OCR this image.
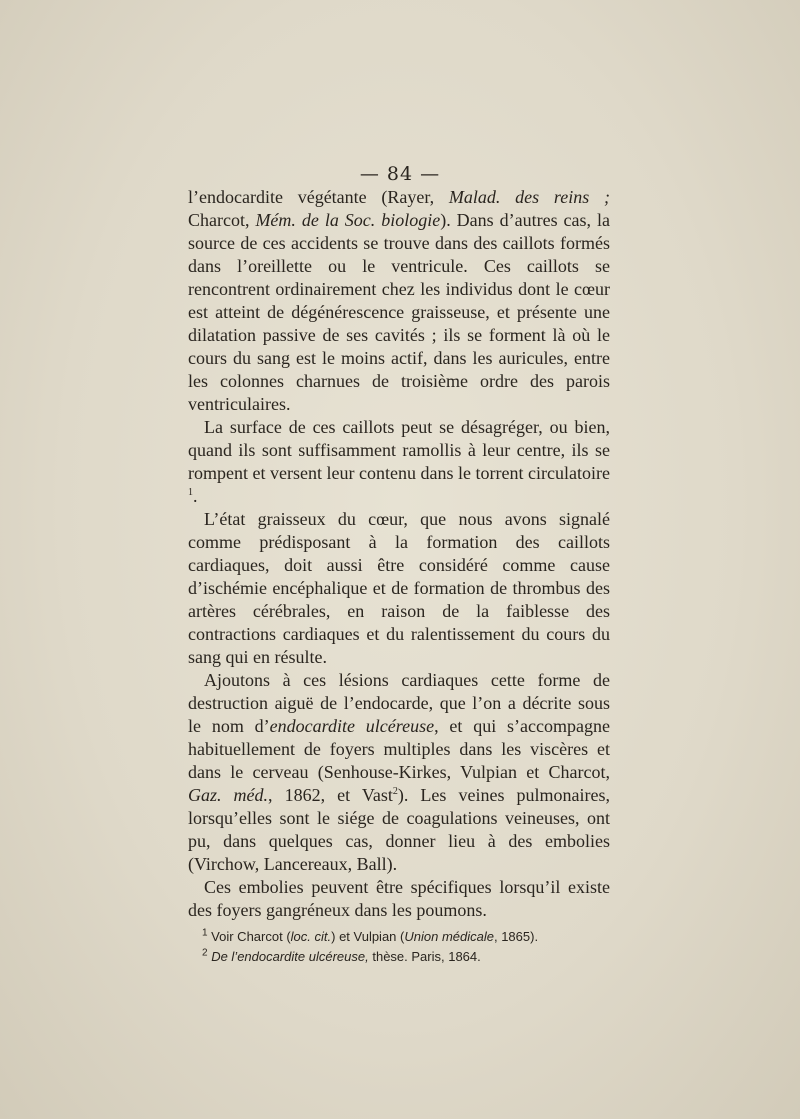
— 84 —

l’endocardite végétante (Rayer, Malad. des reins ; Charcot, Mém. de la Soc. biologie). Dans d’autres cas, la source de ces accidents se trouve dans des caillots formés dans l’oreillette ou le ventricule. Ces caillots se rencontrent ordinairement chez les individus dont le cœur est atteint de dégénérescence graisseuse, et présente une dilatation passive de ses cavités ; ils se forment là où le cours du sang est le moins actif, dans les auricules, entre les colonnes charnues de troisième ordre des parois ventriculaires.

La surface de ces caillots peut se désagréger, ou bien, quand ils sont suffisamment ramollis à leur centre, ils se rompent et versent leur contenu dans le torrent circulatoire $^1$.

L’état graisseux du cœur, que nous avons signalé comme prédisposant à la formation des caillots cardiaques, doit aussi être considéré comme cause d’ischémie encéphalique et de formation de thrombus des artères cérébrales, en raison de la faiblesse des contractions cardiaques et du ralentissement du cours du sang qui en résulte.

Ajoutons à ces lésions cardiaques cette forme de destruction aiguë de l’endocarde, que l’on a décrite sous le nom d’endocardite ulcéreuse, et qui s’accompagne habituellement de foyers multiples dans les viscères et dans le cerveau (Senhouse-Kirkes, Vulpian et Charcot, Gaz. méd., 1862, et Vast$^2$). Les veines pulmonaires, lorsqu’elles sont le siége de coagulations veineuses, ont pu, dans quelques cas, donner lieu à des embolies (Virchow, Lancereaux, Ball).

Ces embolies peuvent être spécifiques lorsqu’il existe des foyers gangréneux dans les poumons.

$^1$ Voir Charcot (loc. cit.) et Vulpian (Union médicale, 1865).

$^2$ De l’endocardite ulcéreuse, thèse. Paris, 1864.
